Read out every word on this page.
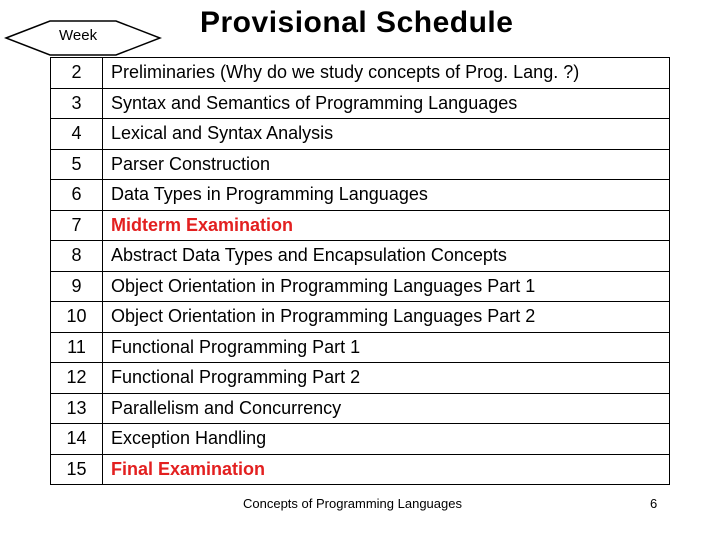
Provisional Schedule
Week
2	Preliminaries (Why do we study concepts of Prog. Lang. ?)
3	Syntax and Semantics of Programming Languages
4	Lexical and Syntax Analysis
5	Parser Construction
6	Data Types in Programming Languages
7	Midterm Examination
8	Abstract Data Types and Encapsulation Concepts
9	Object Orientation in Programming Languages Part 1
10	Object Orientation in Programming Languages Part 2
11	Functional Programming Part 1
12	Functional Programming Part 2
13	Parallelism and Concurrency
14	Exception Handling
15	Final Examination
Concepts of Programming Languages	6
